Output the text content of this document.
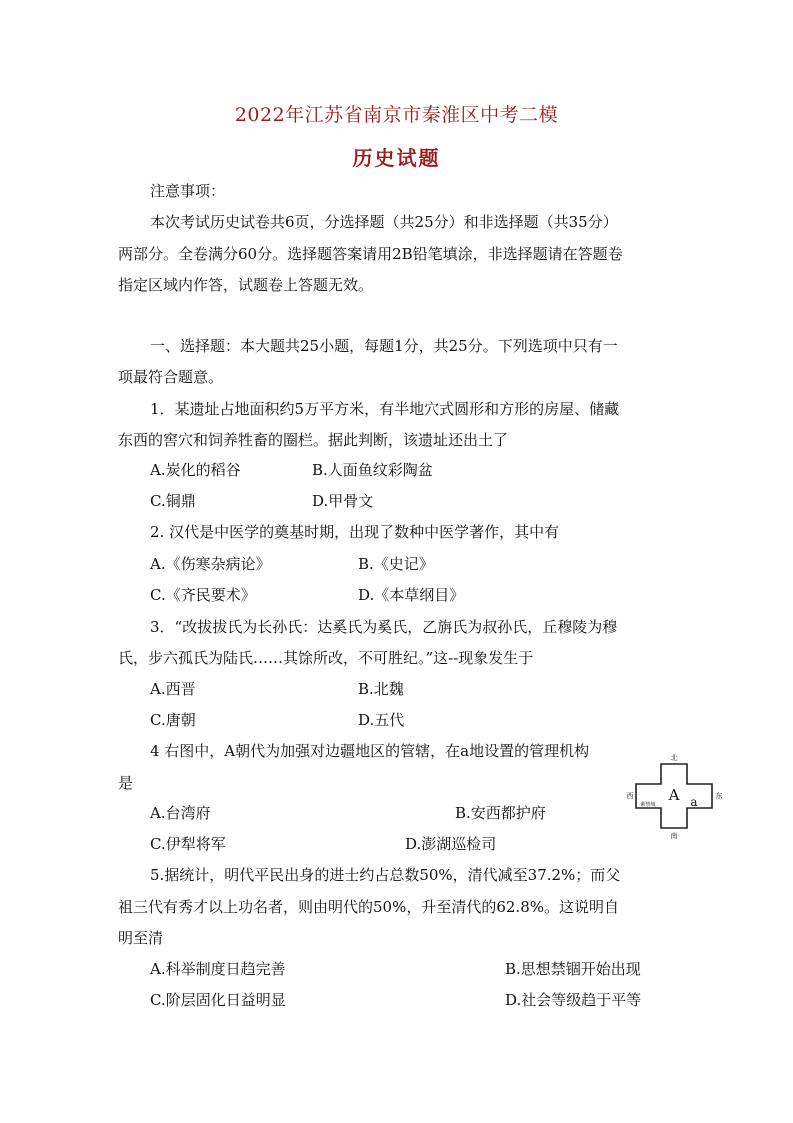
2022年江苏省南京市秦淮区中考二模
历史试题
注意事项：
本次考试历史试卷共6页，分选择题（共25分）和非选择题（共35分）
两部分。全卷满分60分。选择题答案请用2B铅笔填涂，非选择题请在答题卷
指定区域内作答，试题卷上答题无效。
一、选择题：本大题共25小题，每题1分，共25分。下列选项中只有一
项最符合题意。
1．某遗址占地面积约5万平方米，有半地穴式圆形和方形的房屋、储藏
东西的窖穴和饲养牲畜的圈栏。据此判断，该遗址还出土了
A.炭化的稻谷	B.人面鱼纹彩陶盆
C.铜鼎	D.甲骨文
2. 汉代是中医学的奠基时期，出现了数种中医学著作，其中有
A.《伤寒杂病论》	B.《史记》
C.《齐民要术》	D.《本草纲目》
3．“改拔拔氏为长孙氏：达奚氏为奚氏，乙旃氏为叔孙氏，丘穆陵为穆
氏，步六孤氏为陆氏……其馀所改，不可胜纪。”这--现象发生于
A.西晋	B.北魏
C.唐朝	D.五代
4 右图中，A朝代为加强对边疆地区的管辖，在a地设置的管理机构
是
A.台湾府	B.安西都护府
C.伊犁将军	D.澎湖巡检司
北
南
西	东
A a
紫禁城
5.据统计，明代平民出身的进士约占总数50%，清代减至37.2%；而父
祖三代有秀才以上功名者，则由明代的50%，升至清代的62.8%。这说明自
明至清
A.科举制度日趋完善	B.思想禁锢开始出现
C.阶层固化日益明显	D.社会等级趋于平等
